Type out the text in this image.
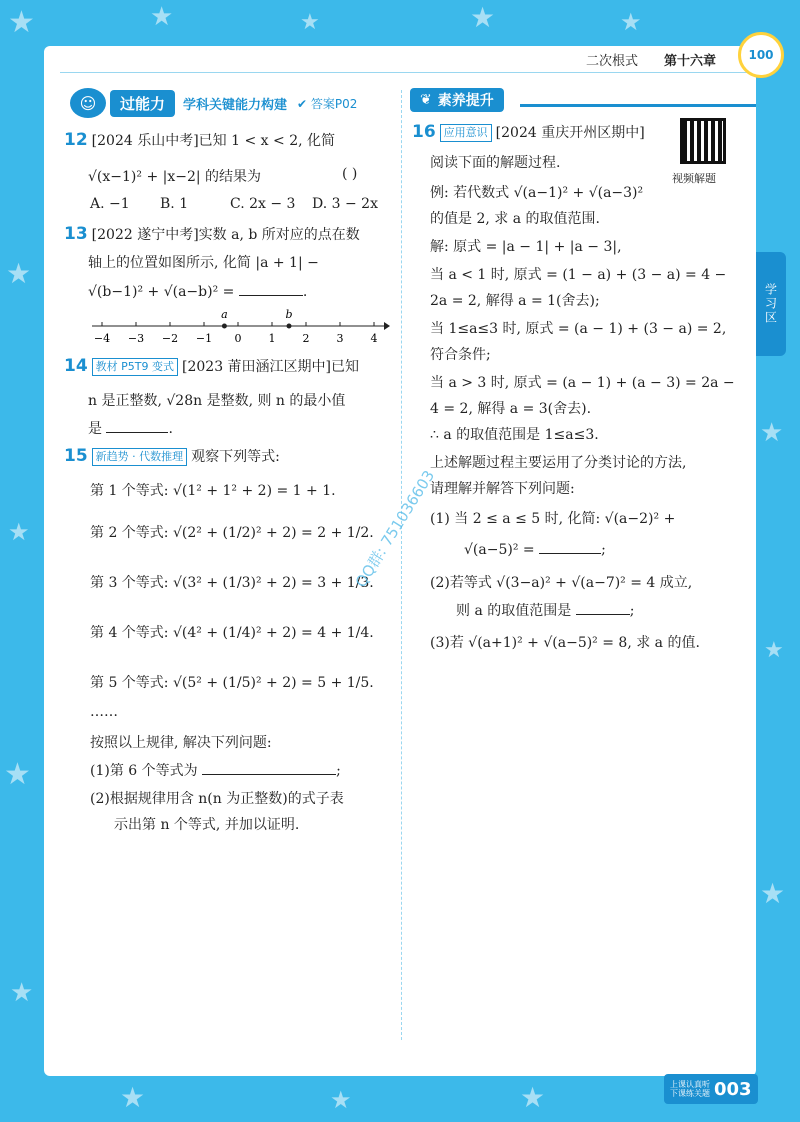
★	★	★	★	★
★
★
★
★
★
★
★
★	★	★
二次根式 第十六章	100
学习区
☺	过能力	学科关键能力构建 ✔ 答案P02	❦ 素养提升
12 [2024 乐山中考]已知 1 < x < 2, 化简
√(x−1)² + |x−2| 的结果为	( )
A. −1 B. 1	C. 2x − 3 D. 3 − 2x
13 [2022 遂宁中考]实数 a, b 所对应的点在数
轴上的位置如图所示, 化简 |a + 1| −
√(b−1)² + √(a−b)² =	.
−4 −3 −2 −1 0 1 2 3 4
a	b
14 教材 P5T9 变式 [2023 莆田涵江区期中]已知
n 是正整数, √28n 是整数, 则 n 的最小值
是	.
15 新趋势 · 代数推理 观察下列等式:
第 1 个等式: √(1² + 1² + 2) = 1 + 1.
第 2 个等式: √(2² + (1/2)² + 2) = 2 + 1/2.
第 3 个等式: √(3² + (1/3)² + 2) = 3 + 1/3.
第 4 个等式: √(4² + (1/4)² + 2) = 4 + 1/4.
第 5 个等式: √(5² + (1/5)² + 2) = 5 + 1/5.
……
按照以上规律, 解决下列问题:
(1)第 6 个等式为	;
(2)根据规律用含 n(n 为正整数)的式子表
示出第 n 个等式, 并加以证明.
16 应用意识 [2024 重庆开州区期中]
阅读下面的解题过程.
视频解题
例: 若代数式 √(a−1)² + √(a−3)²
的值是 2, 求 a 的取值范围.
解: 原式 = |a − 1| + |a − 3|,
当 a < 1 时, 原式 = (1 − a) + (3 − a) = 4 −
2a = 2, 解得 a = 1(舍去);
当 1≤a≤3 时, 原式 = (a − 1) + (3 − a) = 2,
符合条件;
当 a > 3 时, 原式 = (a − 1) + (a − 3) = 2a −
4 = 2, 解得 a = 3(舍去).
∴ a 的取值范围是 1≤a≤3.
上述解题过程主要运用了分类讨论的方法,
请理解并解答下列问题:
(1) 当 2 ≤ a ≤ 5 时, 化简: √(a−2)² +
√(a−5)² =	;
(2)若等式 √(3−a)² + √(a−7)² = 4 成立,
则 a 的取值范围是	;
(3)若 √(a+1)² + √(a−5)² = 8, 求 a 的值.
QQ群: 751036603
上课认真听
下课练关题 003
